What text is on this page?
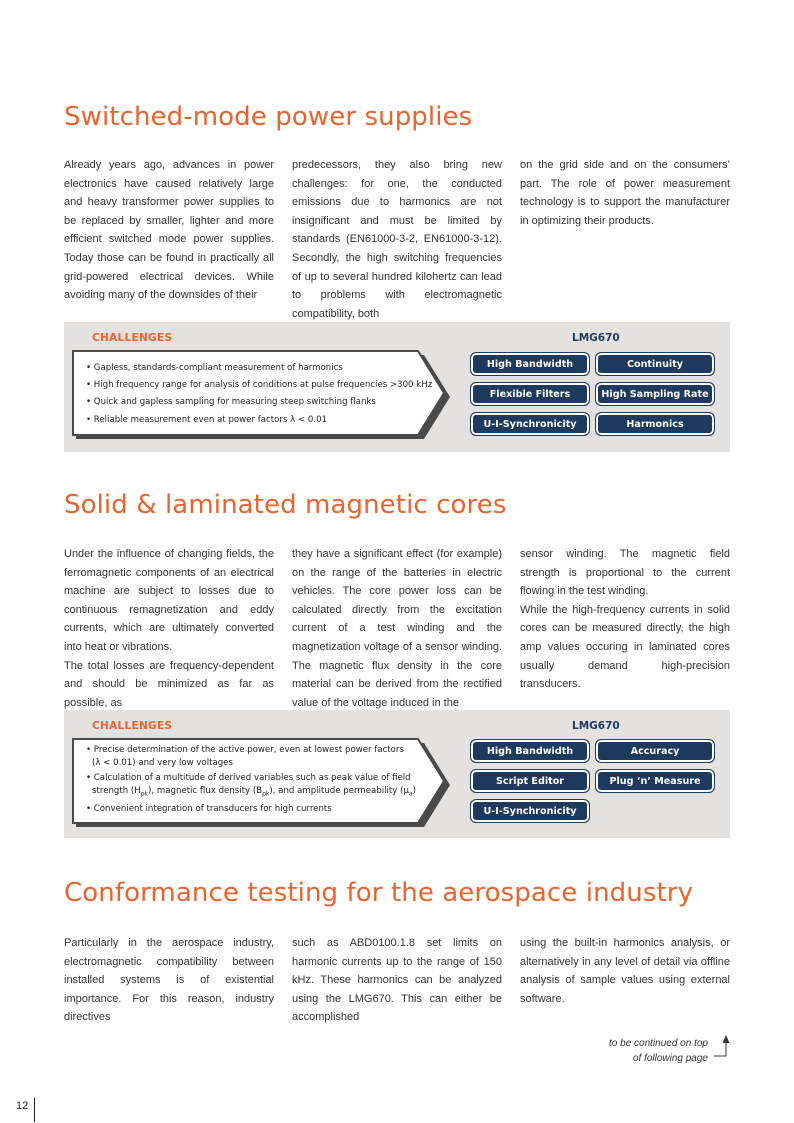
Switched-mode power supplies

Already years ago, advances in power electronics have caused relatively large and heavy transformer power supplies to be replaced by smaller, lighter and more efficient switched mode power supplies. Today those can be found in practically all grid-powered electrical devices. While avoiding many of the downsides of their

predecessors, they also bring new challenges: for one, the conducted emissions due to harmonics are not insignificant and must be limited by standards (EN61000-3-2, EN61000-3-12). Secondly, the high switching frequencies of up to several hundred kilohertz can lead to problems with electromagnetic compatibility, both

on the grid side and on the consumers’ part. The role of power measurement technology is to support the manufacturer in optimizing their products.

CHALLENGES	LMG670
• Gapless, standards-compliant measurement of harmonics
• High frequency range for analysis of conditions at pulse frequencies >300 kHz
• Quick and gapless sampling for measuring steep switching flanks
• Reliable measurement even at power factors λ < 0.01
High Bandwidth	Continuity
Flexible Filters	High Sampling Rate
U-I-Synchronicity	Harmonics
Solid & laminated magnetic cores

Under the influence of changing fields, the ferromagnetic components of an electrical machine are subject to losses due to continuous remagnetization and eddy currents, which are ultimately converted into heat or vibrations.

The total losses are frequency-dependent and should be minimized as far as possible, as

they have a significant effect (for example) on the range of the batteries in electric vehicles. The core power loss can be calculated directly from the excitation current of a test winding and the magnetization voltage of a sensor winding. The magnetic flux density in the core material can be derived from the rectified value of the voltage induced in the

sensor winding. The magnetic field strength is proportional to the current flowing in the test winding.

While the high-frequency currents in solid cores can be measured directly, the high amp values occuring in laminated cores usually demand high-precision transducers.

CHALLENGES	LMG670
• Precise determination of the active power, even at lowest power factors
(λ < 0.01) and very low voltages
• Calculation of a multitude of derived variables such as peak value of field
strength $(H_{pk})$, magnetic flux density $(B_{pk})$, and amplitude permeability $(\mu_a)$
• Convenient integration of transducers for high currents
High Bandwidth	Accuracy
Script Editor	Plug ‘n’ Measure
U-I-Synchronicity
Conformance testing for the aerospace industry

Particularly in the aerospace industry, electromagnetic compatibility between installed systems is of existential importance. For this reason, industry directives

such as ABD0100.1.8 set limits on harmonic currents up to the range of 150 kHz. These harmonics can be analyzed using the LMG670. This can either be accomplished

using the built-in harmonics analysis, or alternatively in any level of detail via offline analysis of sample values using external software.

to be continued on top
of following page
12
